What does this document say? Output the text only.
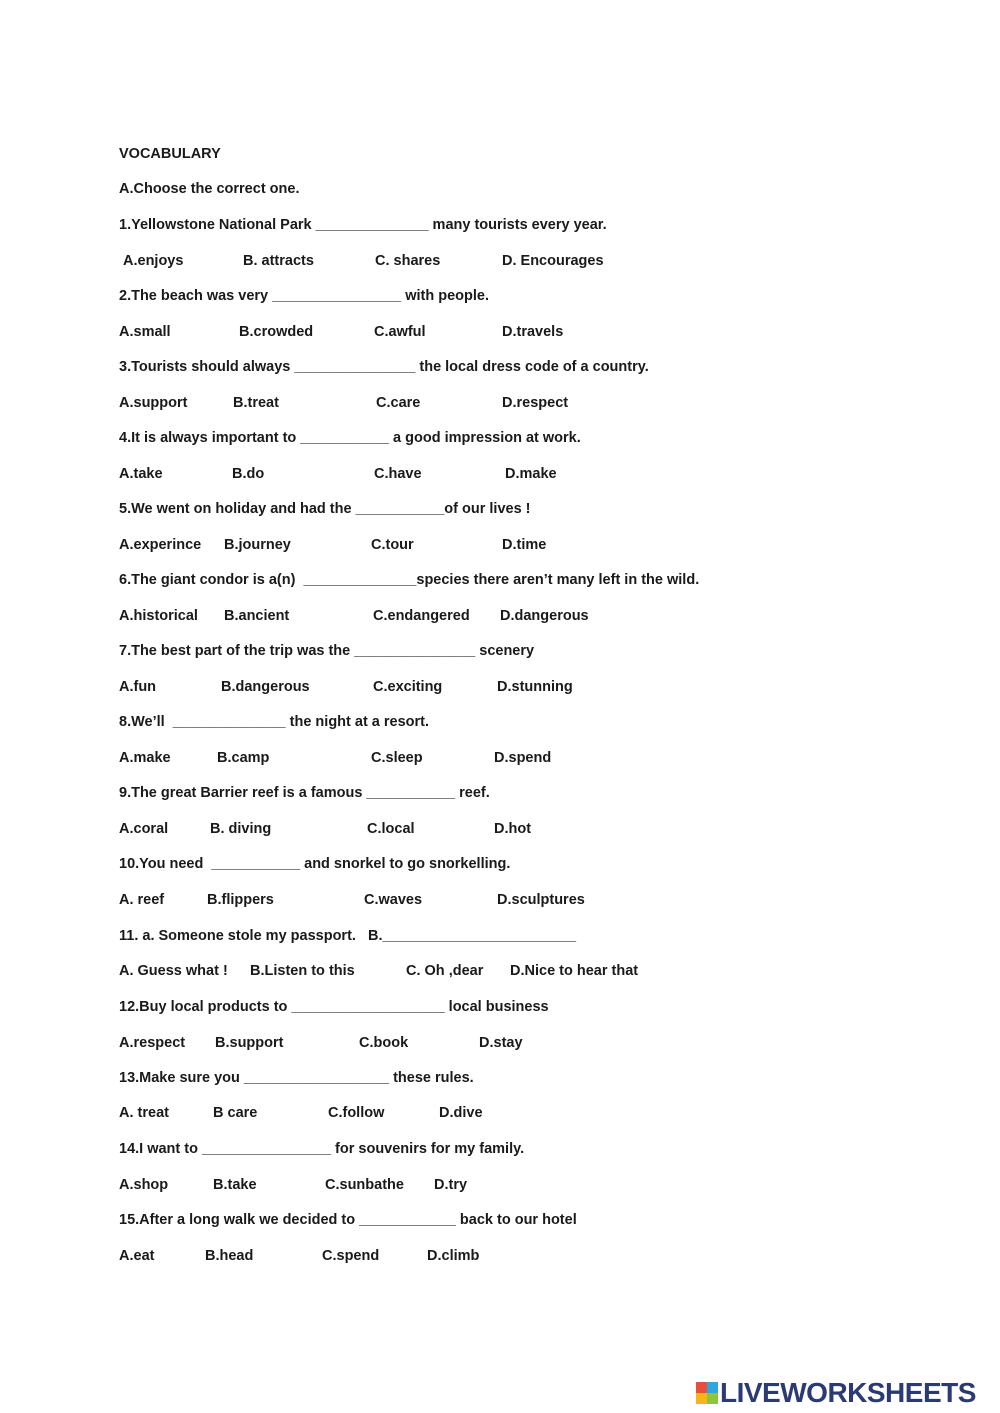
VOCABULARY
A.Choose the correct one.
1.Yellowstone National Park ______________ many tourists every year.
A.enjoys	B. attracts	C. shares	D. Encourages
2.The beach was very ________________ with people.
A.small	B.crowded	C.awful	D.travels
3.Tourists should always _______________ the local dress code of a country.
A.support	B.treat	C.care	D.respect
4.It is always important to ___________ a good impression at work.
A.take	B.do	C.have	D.make
5.We went on holiday and had the ___________of our lives !
A.experince B.journey	C.tour	D.time
6.The giant condor is a(n)  ______________species there aren’t many left in the wild.
A.historical B.ancient	C.endangered D.dangerous
7.The best part of the trip was the _______________ scenery
A.fun	B.dangerous	C.exciting	D.stunning
8.We’ll  ______________ the night at a resort.
A.make	B.camp	C.sleep	D.spend
9.The great Barrier reef is a famous ___________ reef.
A.coral	B. diving	C.local	D.hot
10.You need  ___________ and snorkel to go snorkelling.
A. reef	B.flippers	C.waves	D.sculptures
11. a. Someone stole my passport.   B.________________________
A. Guess what ! B.Listen to this	C. Oh ,dear D.Nice to hear that
12.Buy local products to ___________________ local business
A.respect B.support	C.book	D.stay
13.Make sure you __________________ these rules.
A. treat	B care	C.follow	D.dive
14.I want to ________________ for souvenirs for my family.
A.shop	B.take	C.sunbathe D.try
15.After a long walk we decided to ____________ back to our hotel
A.eat	B.head	C.spend	D.climb
LIVEWORKSHEETS
